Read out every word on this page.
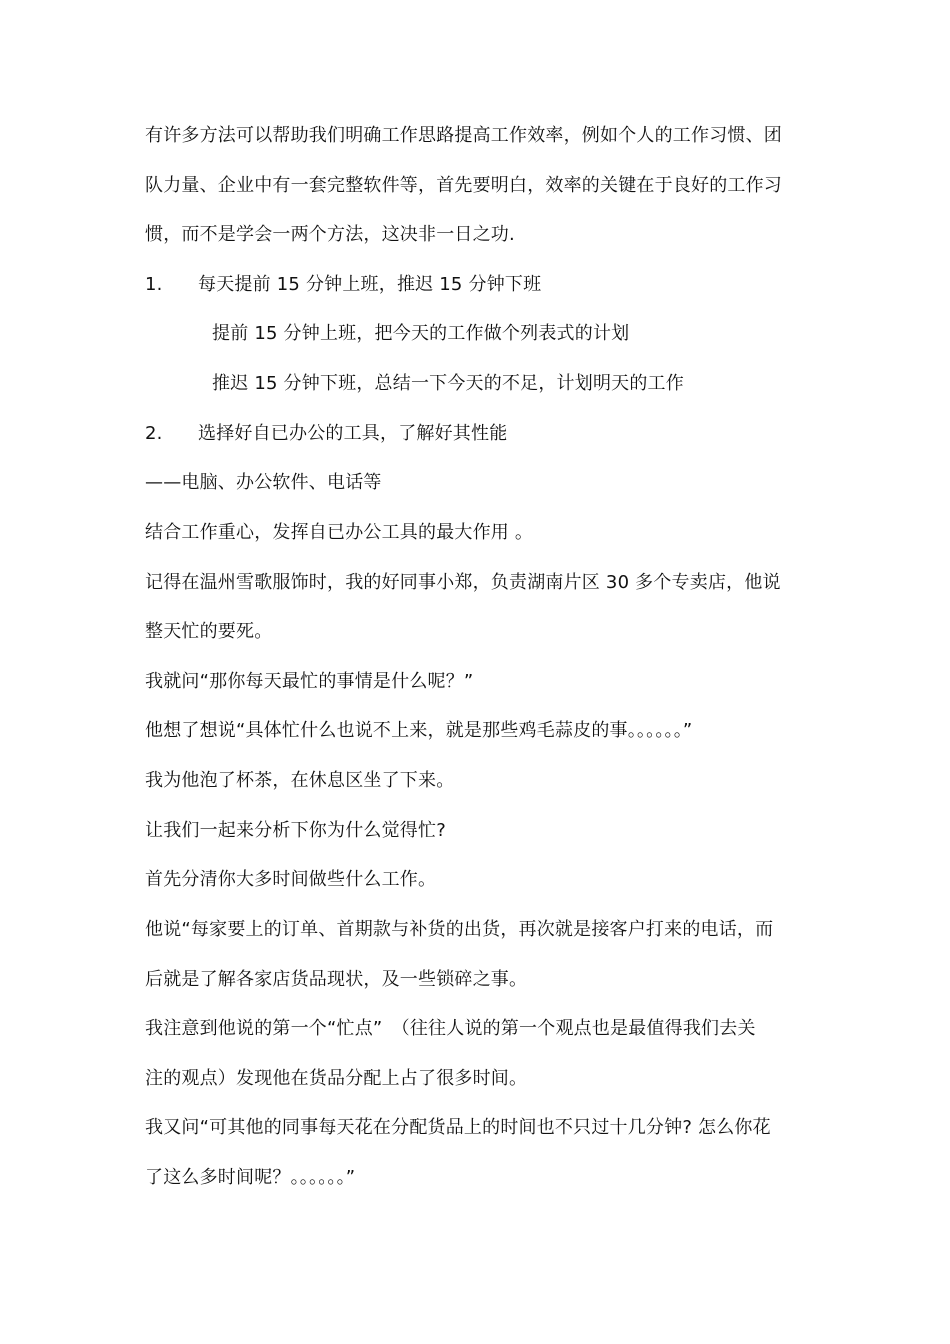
有许多方法可以帮助我们明确工作思路提高工作效率，例如个人的工作习惯、团
队力量、企业中有一套完整软件等，首先要明白，效率的关键在于良好的工作习
惯，而不是学会一两个方法，这决非一日之功.
1. 每天提前 15 分钟上班，推迟 15 分钟下班
提前 15 分钟上班，把今天的工作做个列表式的计划
推迟 15 分钟下班，总结一下今天的不足，计划明天的工作
2. 选择好自已办公的工具，了解好其性能
——电脑、办公软件、电话等
结合工作重心，发挥自已办公工具的最大作用 。
记得在温州雪歌服饰时，我的好同事小郑，负责湖南片区 30 多个专卖店，他说
整天忙的要死。
我就问“那你每天最忙的事情是什么呢？”
他想了想说“具体忙什么也说不上来，就是那些鸡毛蒜皮的事。。。。。。”
我为他泡了杯茶，在休息区坐了下来。
让我们一起来分析下你为什么觉得忙?
首先分清你大多时间做些什么工作。
他说“每家要上的订单、首期款与补货的出货，再次就是接客户打来的电话，而
后就是了解各家店货品现状，及一些锁碎之事。
我注意到他说的第一个“忙点”　（往往人说的第一个观点也是最值得我们去关
注的观点）发现他在货品分配上占了很多时间。
我又问“可其他的同事每天花在分配货品上的时间也不只过十几分钟? 怎么你花
了这么多时间呢？。。。。。。”
